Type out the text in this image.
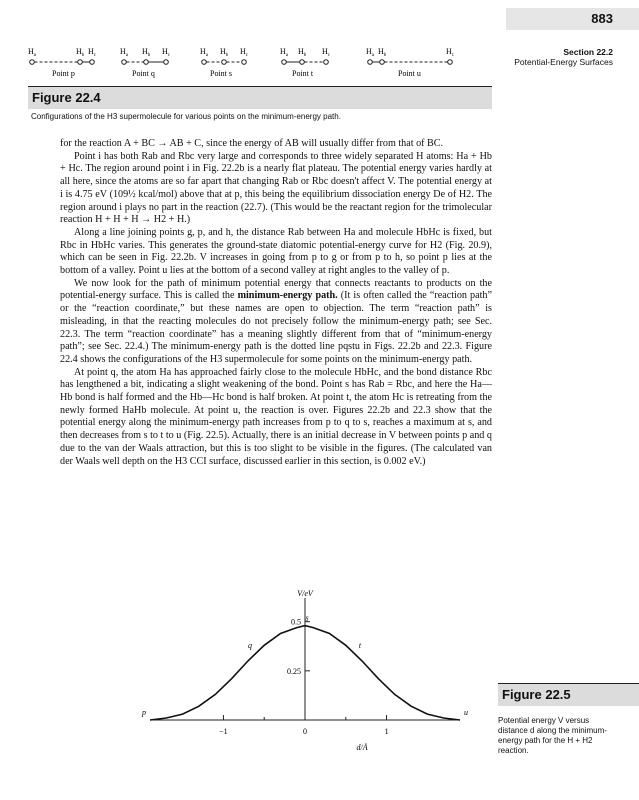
883
Section 22.2
Potential-Energy Surfaces
$H_a$	$H_b$ $H_c$
Point p
$H_a$ $H_b$ $H_c$
Point q
$H_a$ $H_b$ $H_c$
Point s
$H_a$ $H_b$ $H_c$
Point t
$H_a$ $H_b$	$H_c$
Point u
Figure 22.4
Configurations of the H3 supermolecule for various points on the minimum-energy path.

for the reaction A + BC → AB + C, since the energy of AB will usually differ from that of BC.

Point i has both Rab and Rbc very large and corresponds to three widely separated H atoms: Ha + Hb + Hc. The region around point i in Fig. 22.2b is a nearly flat plateau. The potential energy varies hardly at all here, since the atoms are so far apart that changing Rab or Rbc doesn't affect V. The potential energy at i is 4.75 eV (109½ kcal/mol) above that at p, this being the equilibrium dissociation energy De of H2. The region around i plays no part in the reaction (22.7). (This would be the reactant region for the trimolecular reaction H + H + H → H2 + H.)

Along a line joining points g, p, and h, the distance Rab between Ha and molecule HbHc is fixed, but Rbc in HbHc varies. This generates the ground-state diatomic potential-energy curve for H2 (Fig. 20.9), which can be seen in Fig. 22.2b. V increases in going from p to g or from p to h, so point p lies at the bottom of a valley. Point u lies at the bottom of a second valley at right angles to the valley of p.

We now look for the path of minimum potential energy that connects reactants to products on the potential-energy surface. This is called the minimum-energy path. (It is often called the “reaction path” or the “reaction coordinate,” but these names are open to objection. The term “reaction path” is misleading, in that the reacting molecules do not precisely follow the minimum-energy path; see Sec. 22.3. The term “reaction coordinate” has a meaning slightly different from that of “minimum-energy path”; see Sec. 22.4.) The minimum-energy path is the dotted line pqstu in Figs. 22.2b and 22.3. Figure 22.4 shows the configurations of the H3 supermolecule for some points on the minimum-energy path.

At point q, the atom Ha has approached fairly close to the molecule HbHc, and the bond distance Rbc has lengthened a bit, indicating a slight weakening of the bond. Point s has Rab = Rbc, and here the Ha—Hb bond is half formed and the Hb—Hc bond is half broken. At point t, the atom Hc is retreating from the newly formed HaHb molecule. At point u, the reaction is over. Figures 22.2b and 22.3 show that the potential energy along the minimum-energy path increases from p to q to s, reaches a maximum at s, and then decreases from s to t to u (Fig. 22.5). Actually, there is an initial decrease in V between points p and q due to the van der Waals attraction, but this is too slight to be visible in the figures. (The calculated van der Waals well depth on the H3 CCI surface, discussed earlier in this section, is 0.002 eV.)

V/eV
d/Å
−1	0	1
0.25
0.5
p
q
s
t
u
Figure 22.5
Potential energy V versus distance d along the minimum-energy path for the H + H2 reaction.
